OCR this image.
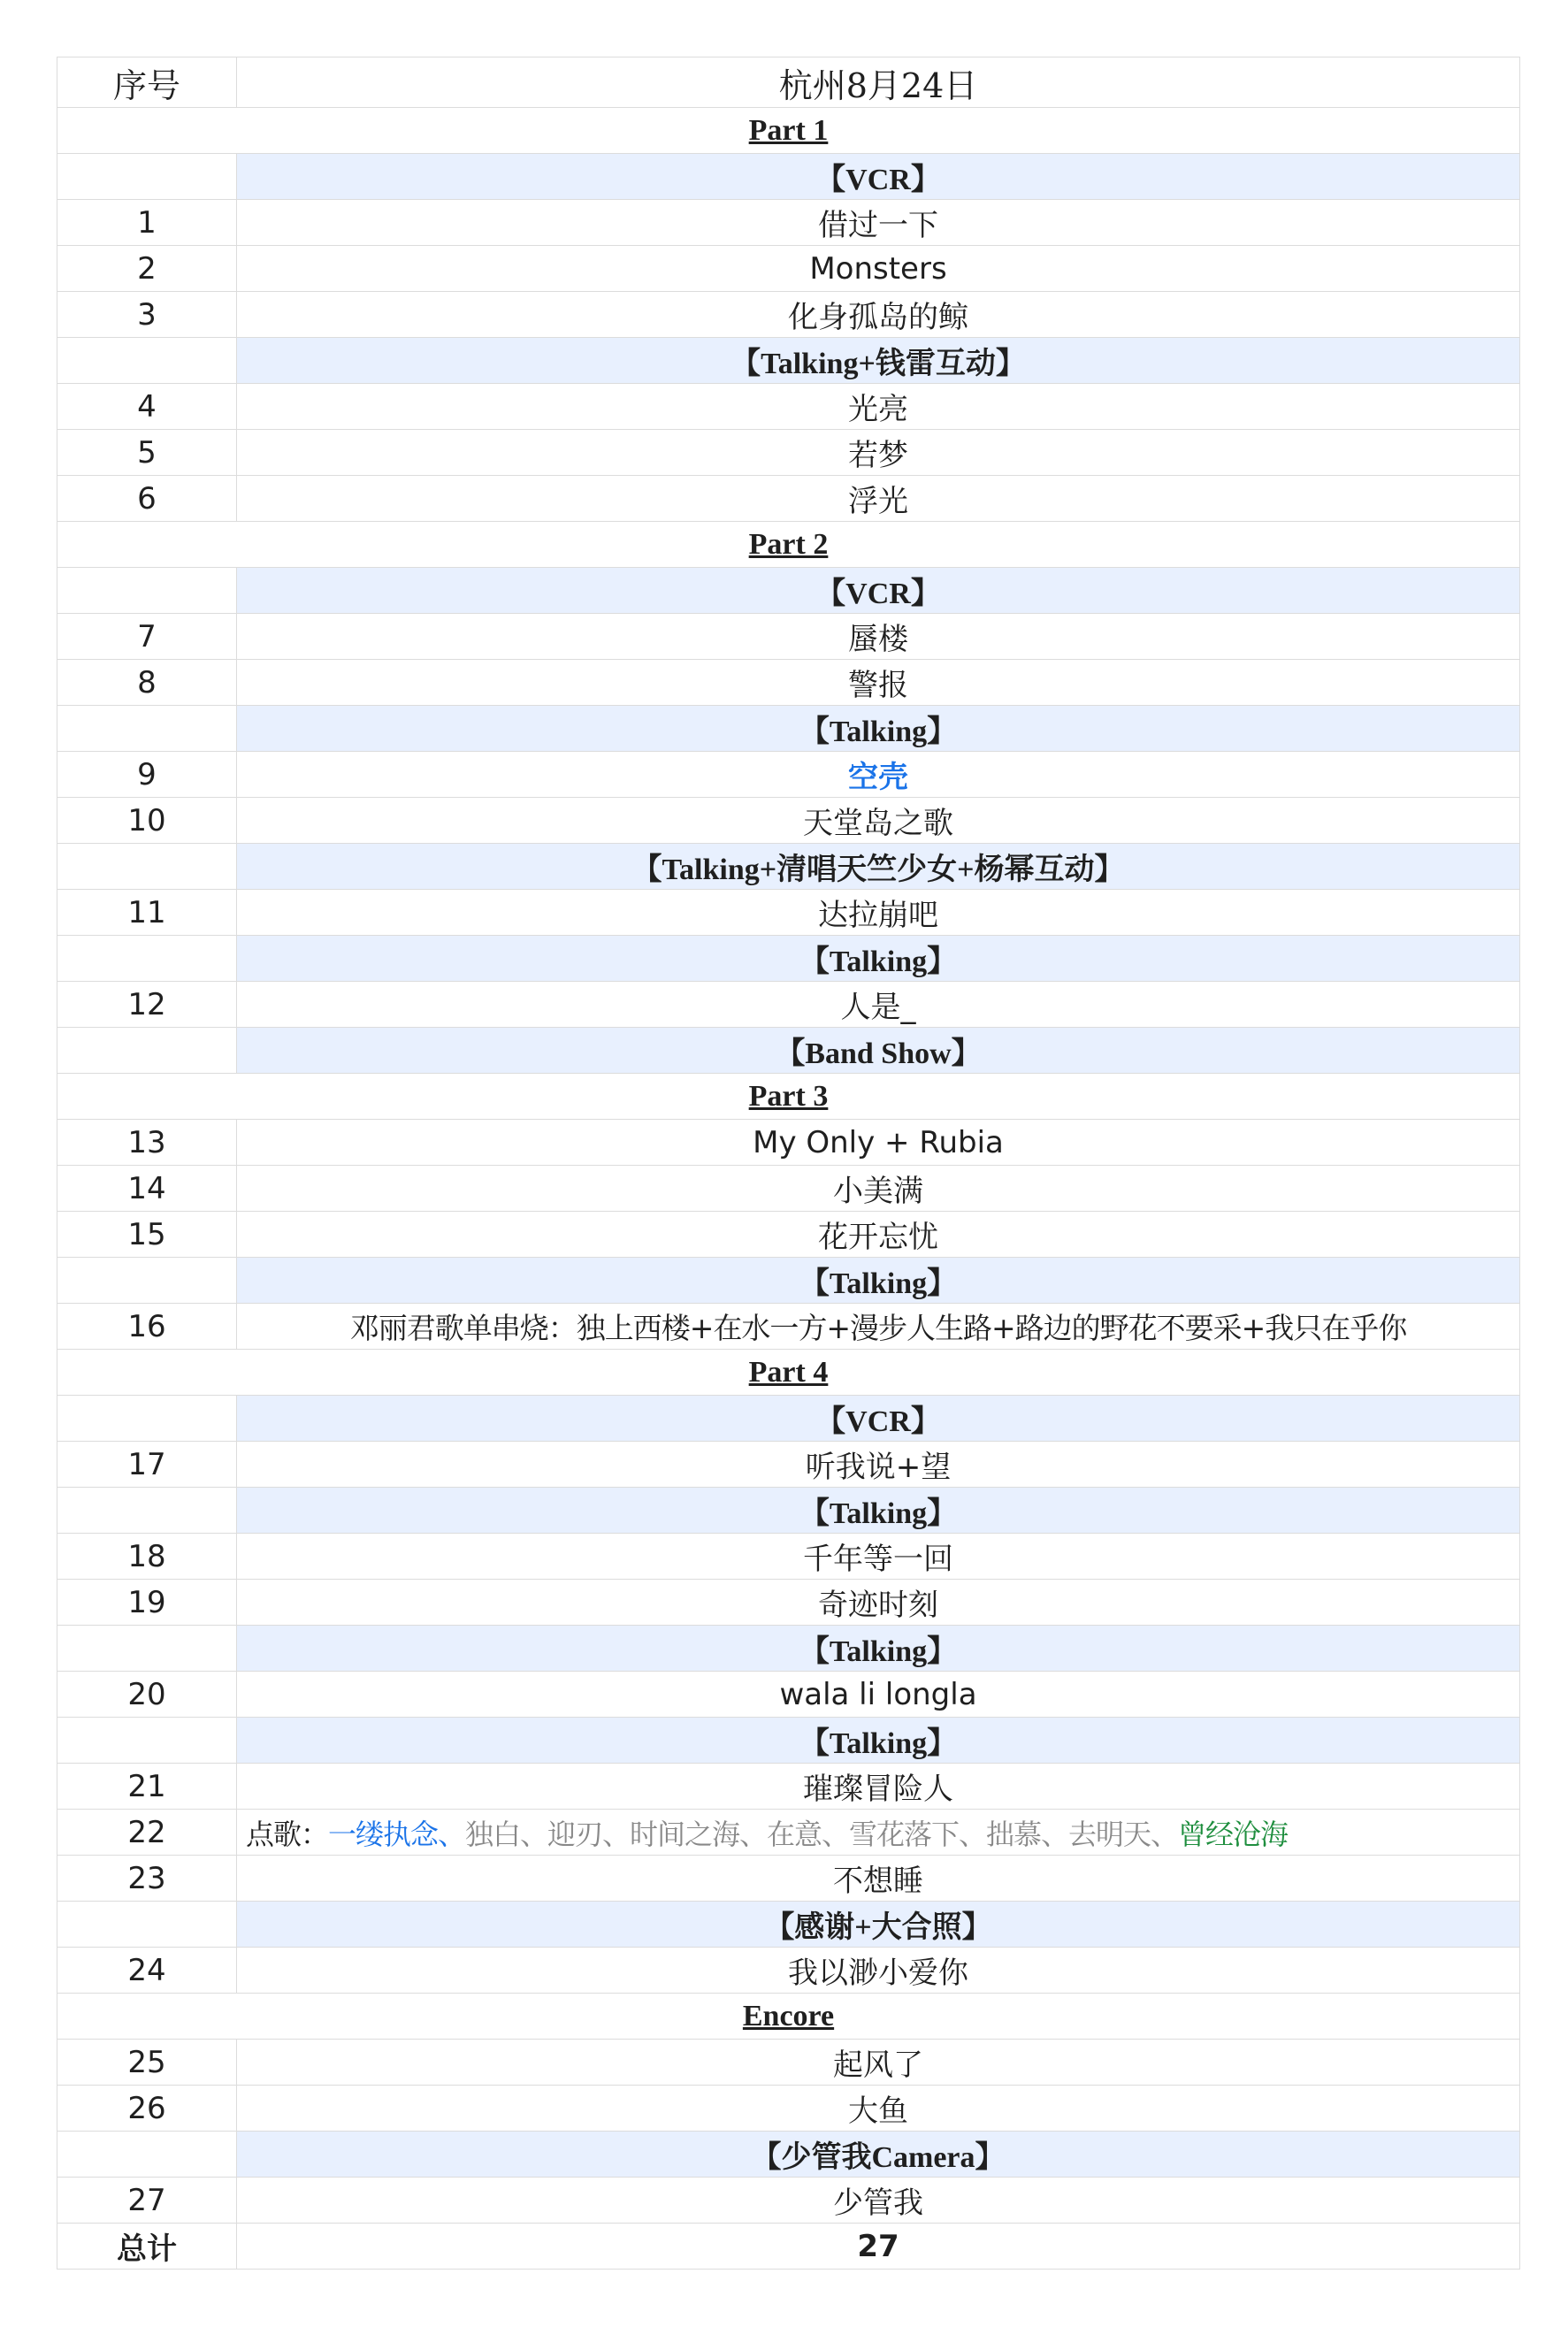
序号	杭州8月24日
Part 1	
	【VCR】
1	借过一下
2	Monsters
3	化身孤岛的鲸
	【Talking+钱雷互动】
4	光亮
5	若梦
6	浮光
Part 2	
	【VCR】
7	蜃楼
8	警报
	【Talking】
9	空壳
10	天堂岛之歌
	【Talking+清唱天竺少女+杨幂互动】
11	达拉崩吧
	【Talking】
12	人是_
	【Band Show】
Part 3	
13	My Only + Rubia
14	小美满
15	花开忘忧
	【Talking】
16	邓丽君歌单串烧：独上西楼+在水一方+漫步人生路+路边的野花不要采+我只在乎你
Part 4	
	【VCR】
17	听我说+望
	【Talking】
18	千年等一回
19	奇迹时刻
	【Talking】
20	wala li longla
	【Talking】
21	璀璨冒险人
22	点歌：一缕执念、独白、迎刃、时间之海、在意、雪花落下、拙慕、去明天、曾经沧海
23	不想睡
	【感谢+大合照】
24	我以渺小爱你
Encore	
25	起风了
26	大鱼
	【少管我Camera】
27	少管我
总计	27
